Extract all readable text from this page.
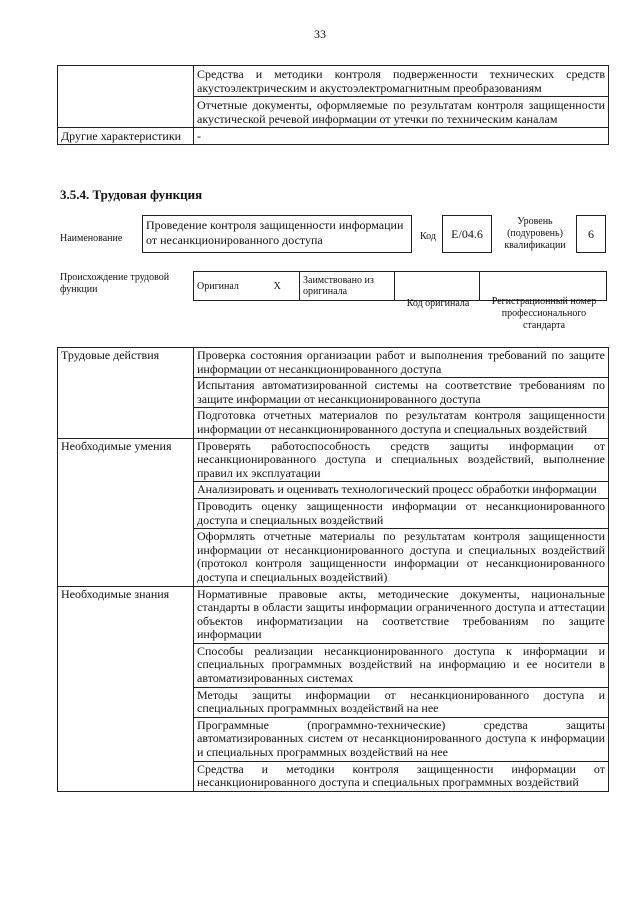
33
	Средства и методики контроля подверженности технических средств акустоэлектрическим и акустоэлектромагнитным преобразованиям
	Отчетные документы, оформляемые по результатам контроля защищенности акустической речевой информации от утечки по техническим каналам
Другие характеристики	-
3.5.4. Трудовая функция
Наименование
Проведение контроля защищенности информации от несанкционированного доступа	Код	E/04.6
Уровень (подуровень) квалификации
6
Происхождение трудовой функции	Оригинал	X	Заимствовано из оригинала		
Код оригинала	Регистрационный номер профессионального стандарта
Трудовые действия	Проверка состояния организации работ и выполнения требований по защите информации от несанкционированного доступа
	Испытания автоматизированной системы на соответствие требованиям по защите информации от несанкционированного доступа
	Подготовка отчетных материалов по результатам контроля защищенности информации от несанкционированного доступа и специальных воздействий
Необходимые умения	Проверять работоспособность средств защиты информации от несанкционированного доступа и специальных воздействий, выполнение правил их эксплуатации
	Анализировать и оценивать технологический процесс обработки информации
	Проводить оценку защищенности информации от несанкционированного доступа и специальных воздействий
	Оформлять отчетные материалы по результатам контроля защищенности информации от несанкционированного доступа и специальных воздействий (протокол контроля защищенности информации от несанкционированного доступа и специальных воздействий)
Необходимые знания	Нормативные правовые акты, методические документы, национальные стандарты в области защиты информации ограниченного доступа и аттестации объектов информатизации на соответствие требованиям по защите информации
	Способы реализации несанкционированного доступа к информации и специальных программных воздействий на информацию и ее носители в автоматизированных системах
	Методы защиты информации от несанкционированного доступа и специальных программных воздействий на нее
	Программные (программно-технические) средства защиты автоматизированных систем от несанкционированного доступа к информации и специальных программных воздействий на нее
	Средства и методики контроля защищенности информации от несанкционированного доступа и специальных программных воздействий
